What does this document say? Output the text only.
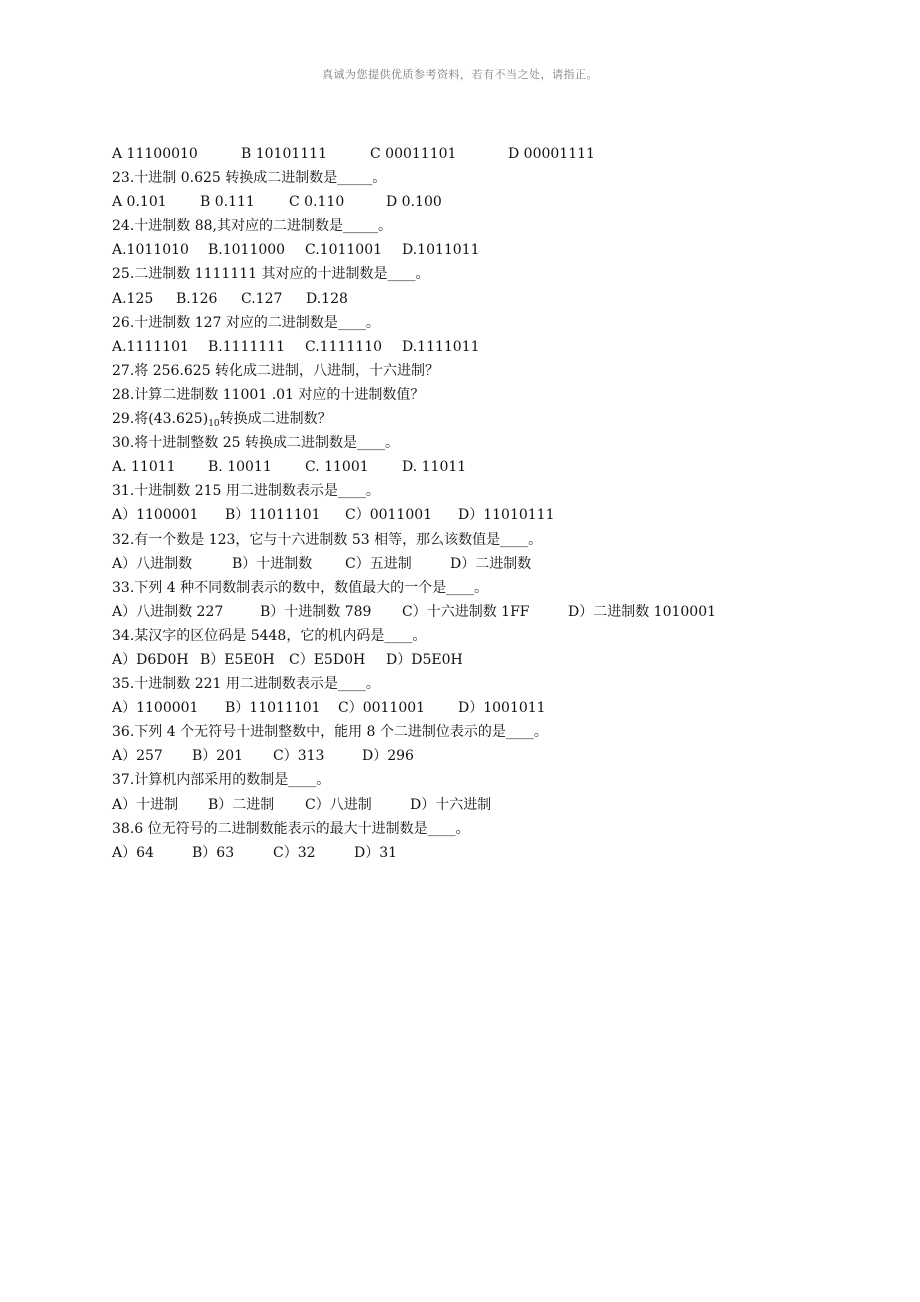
真诚为您提供优质参考资料，若有不当之处，请指正。
A 11100010	B 10101111	C 00011101	D 00001111
23.十进制 0.625 转换成二进制数是_____。
A 0.101 B 0.111 C 0.110	D 0.100
24.十进制数 88,其对应的二进制数是_____。
A.1011010 B.1011000 C.1011001 D.1011011
25.二进制数 1111111 其对应的十进制数是____。
A.125 B.126 C.127 D.128
26.十进制数 127 对应的二进制数是____。
A.1111101 B.1111111 C.1111110 D.1111011
27.将 256.625 转化成二进制，八进制，十六进制？
28.计算二进制数 11001 .01 对应的十进制数值？
29.将$(43.625)_{10}$转换成二进制数？
30.将十进制整数 25 转换成二进制数是____。
A. 11011 B. 10011 C. 11001 D. 11011
31.十进制数 215 用二进制数表示是____。
A）1100001 B）11011101 C）0011001 D）11010111
32.有一个数是 123，它与十六进制数 53 相等，那么该数值是____。
A）八进制数	B）十进制数 C）五进制	D）二进制数
33.下列 4 种不同数制表示的数中，数值最大的一个是____。
A）八进制数 227	B）十进制数 789 C）十六进制数 1FF	D）二进制数 1010001
34.某汉字的区位码是 5448，它的机内码是____。
A）D6D0H B）E5E0H C）E5D0H D）D5E0H
35.十进制数 221 用二进制数表示是____。
A）1100001 B）11011101 C）0011001 D）1001011
36.下列 4 个无符号十进制整数中，能用 8 个二进制位表示的是____。
A）257 B）201 C）313	D）296
37.计算机内部采用的数制是____。
A）十进制 B）二进制 C）八进制	D）十六进制
38.6 位无符号的二进制数能表示的最大十进制数是____。
A）64	B）63	C）32	D）31
